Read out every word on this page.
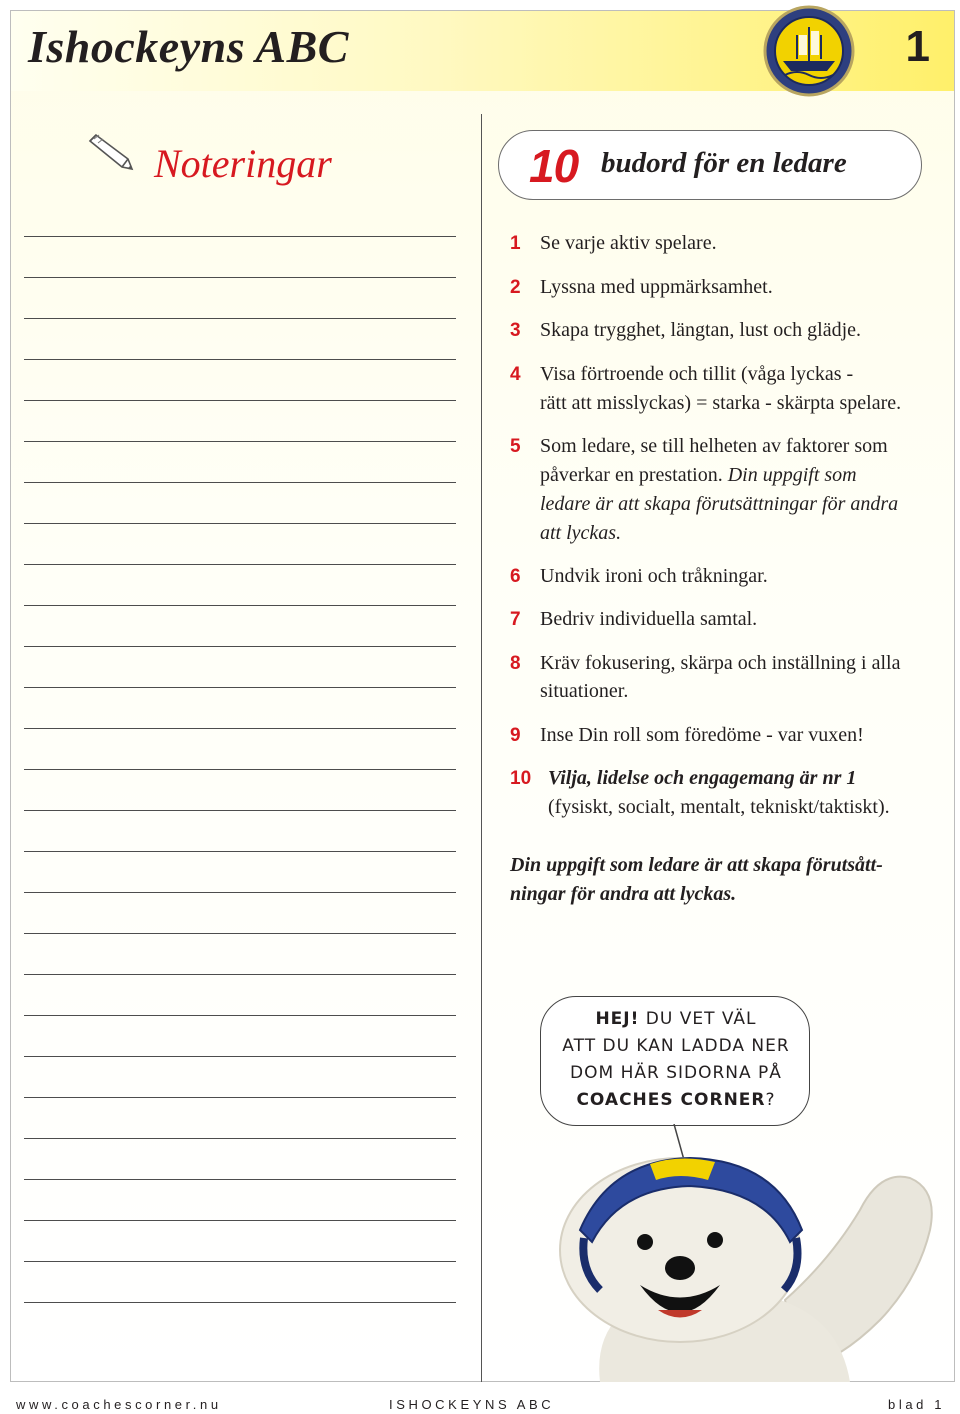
Ishockeyns ABC	1
Noteringar	10 budord för en ledare
1 Se varje aktiv spelare.
2 Lyssna med uppmärksamhet.
3 Skapa trygghet, längtan, lust och glädje.
4 Visa förtroende och tillit (våga lyckas -
rätt att misslyckas) = starka - skärpta spelare.
5 Som ledare, se till helheten av faktorer som
påverkar en prestation. Din uppgift som
ledare är att skapa förutsättningar för andra
att lyckas.
6 Undvik ironi och tråkningar.
7 Bedriv individuella samtal.
8 Kräv fokusering, skärpa och inställning i alla
situationer.
9 Inse Din roll som föredöme - var vuxen!
10 Vilja, lidelse och engagemang är nr 1
(fysiskt, socialt, mentalt, tekniskt/taktiskt).
Din uppgift som ledare är att skapa förutsått-
ningar för andra att lyckas.
HEJ! DU VET VÄL
ATT DU KAN LADDA NER
DOM HÄR SIDORNA PÅ
COACHES CORNER?
www.coachescorner.nu	ISHOCKEYNS ABC	blad 1
